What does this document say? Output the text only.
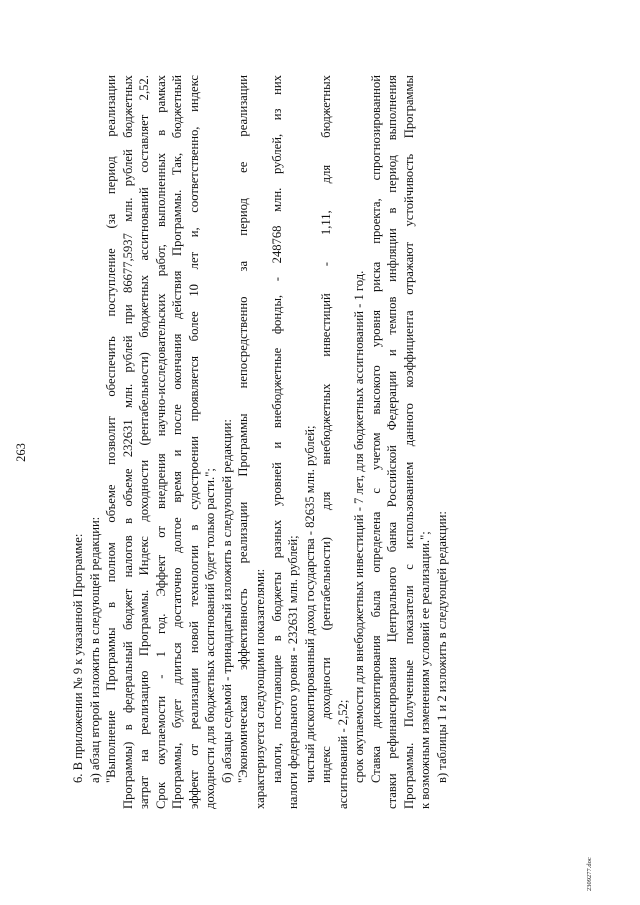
263
6. В приложении № 9 к указанной Программе: а) абзац второй изложить в следующей редакции: "Выполнение
Программы
в
полном
объеме
позволит
обеспечить
поступление
(за
период
реализации
Программы)
в
федеральный
бюджет
налогов
в
объеме
232631
млн.
рублей
при
86677,5937
млн.
рублей
бюджетных
затрат
на
реализацию
Программы.
Индекс
доходности
(рентабельности)
бюджетных
ассигнований
составляет
2,52.
Срок
окупаемости
-
1
год.
Эффект
от
внедрения
научно-исследовательских
работ,
выполненных
в
рамках
Программы,
будет
длиться
достаточно
долгое
время
и
после
окончания
действия
Программы.
Так,
бюджетный
эффект
от
реализации
новой
технологии
в
судостроении
проявляется
более
10
лет
и,
соответственно,
индекс
доходности для бюджетных ассигнований будет только расти."; б) абзацы седьмой - тринадцатый изложить в следующей редакции: "Экономическая
эффективность
реализации
Программы
непосредственно
за
период
ее
реализации
характеризуется следующими показателями: налоги,
поступающие
в
бюджеты
разных
уровней
и
внебюджетные
фонды,
-
248768
млн.
рублей,
из
них
налоги федерального уровня - 232631 млн. рублей; чистый дисконтированный доход государства - 82635 млн. рублей; индекс
доходности
(рентабельности)
для
внебюджетных
инвестиций
-
1,11,
для
бюджетных
ассигнований - 2,52; срок окупаемости для внебюджетных инвестиций - 7 лет, для бюджетных ассигнований - 1 год. Ставка
дисконтирования
была
определена
с
учетом
высокого
уровня
риска
проекта,
спрогнозированной
ставки
рефинансирования
Центрального
банка
Российской
Федерации
и
темпов
инфляции
в
период
выполнения
Программы.
Полученные
показатели
с
использованием
данного
коэффициента
отражают
устойчивость
Программы
к возможным изменениям условий ее реализации."; в) таблицы 1 и 2 изложить в следующей редакции:
2309277.doc
